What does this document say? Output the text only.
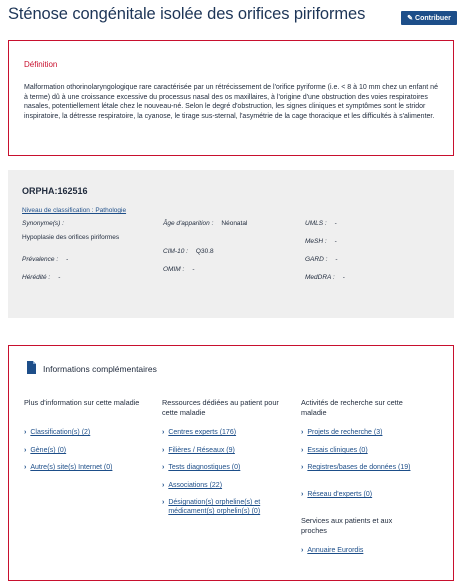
Sténose congénitale isolée des orifices piriformes	✎ Contribuer
Définition

Malformation othorinolaryngologique rare caractérisée par un rétrécissement de l'orifice pyriforme (i.e. < 8 à 10 mm chez un enfant né à terme) dû à une croissance excessive du processus nasal des os maxillaires, à l'origine d'une obstruction des voies respiratoires nasales, potentiellement létale chez le nouveau-né. Selon le degré d'obstruction, les signes cliniques et symptômes sont le stridor inspiratoire, la détresse respiratoire, la cyanose, le tirage sus-sternal, l'asymétrie de la cage thoracique et les difficultés à s'alimenter.

ORPHA:162516
Niveau de classification : Pathologie
Synonyme(s) :
Hypoplasie des orifices piriformes
Prévalence : -
Hérédité : -
Âge d'apparition : Néonatal
CIM-10 : Q30.8
OMIM : -
UMLS : -
MeSH : -
GARD : -
MedDRA : -
Informations complémentaires
Plus d'information sur cette maladie
› Classification(s) (2)
› Gène(s) (0)
› Autre(s) site(s) Internet (0)
Ressources dédiées au patient pour cette maladie
› Centres experts (176)
› Filières / Réseaux (9)
› Tests diagnostiques (0)
› Associations (22)
› Désignation(s) orpheline(s) et médicament(s) orphelin(s) (0)
Activités de recherche sur cette maladie
› Projets de recherche (3)
› Essais cliniques (0)
› Registres/bases de données (19)
› Réseau d'experts (0)
Services aux patients et aux proches
› Annuaire Eurordis
